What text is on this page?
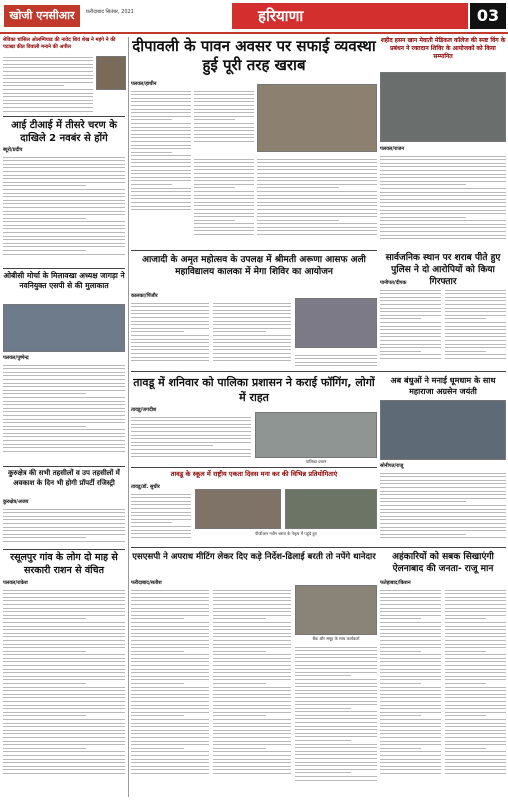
खोजी एनसीआर	फ़रीदाबाद सितंबर, 2021	हरियाणा	03
सेविका चांसिल ओलम्पियाड की नावेद शिवं शेख ने महंगे ने की पटाखा कीत विवाली मनाने की अपील
आई टीआई में तीसरे चरण के दाखिले 2 नवबंर से होंगे
ब्यूरो/प्रदीप
ओबीसी मोर्चा के मिलावखा अध्यक्ष जागड़ा ने नवनियुक्त एसपी से की मुलाकात
पलवल/पुष्पेन्द्र
कुरुक्षेत्र की सभी तहसीलों व उप तहसीलों में अवकाश के दिन भी होगी प्रॉपर्टी रजिस्ट्री
कुरुक्षेत्र/अजय
रसूलपुर गांव के लोग दो माह से सरकारी राशन से वंचित
पलवल/राकेश
दीपावली के पावन अवसर पर सफाई व्यवस्था हुई पूरी तरह खराब
पलवल/हाथीन
आजादी के अमृत महोत्सव के उपलक्ष में श्रीमती अरूणा आसफ अली महाविद्यालय कालका में मेगा शिविर का आयोजन
कालका/पिंजौर
शहीद हसन खान मेवाती मेडिकल कॉलेज की स्पष्ट विंग के प्रबंधन ने रक्तदान शिविर के आयोजकों को किया सम्मानित
पलवल/राजन
सार्वजनिक स्थान पर शराब पीते हुए पुलिस ने दो आरोपियों को किया गिरफ्तार
पानीपत/दीपक
तावडू में शनिवार को पालिका प्रशासन ने कराई फॉगिंग, लोगों में राहत
तावडू/जगदीश
पालिका प्रधान
अब बंधुओं ने मनाई धूमधाम के साथ महाराजा अग्रसेन जयंती
सोनीपत/राजू
तावडू के स्कूल में राष्ट्रीय एकता दिवस मना कर की विभिन्न प्रतियोगिताएं
तावडू/डॉ. सुधीर
पीजीआर नवीन बरारा के नेतृत्व में पहुंचे हुए
एसएसपी ने अपराध मीटिंग लेकर दिए कड़े निर्देश-ढिलाई बरती तो नपेंगे थानेदार
फरीदाबाद/सतीश
बैंक और समूह के साथ कार्यकर्ता
अहंकारियों को सबक सिखाएंगी ऐलनाबाद की जनता- राजू मान
फतेहाबाद/किशन
